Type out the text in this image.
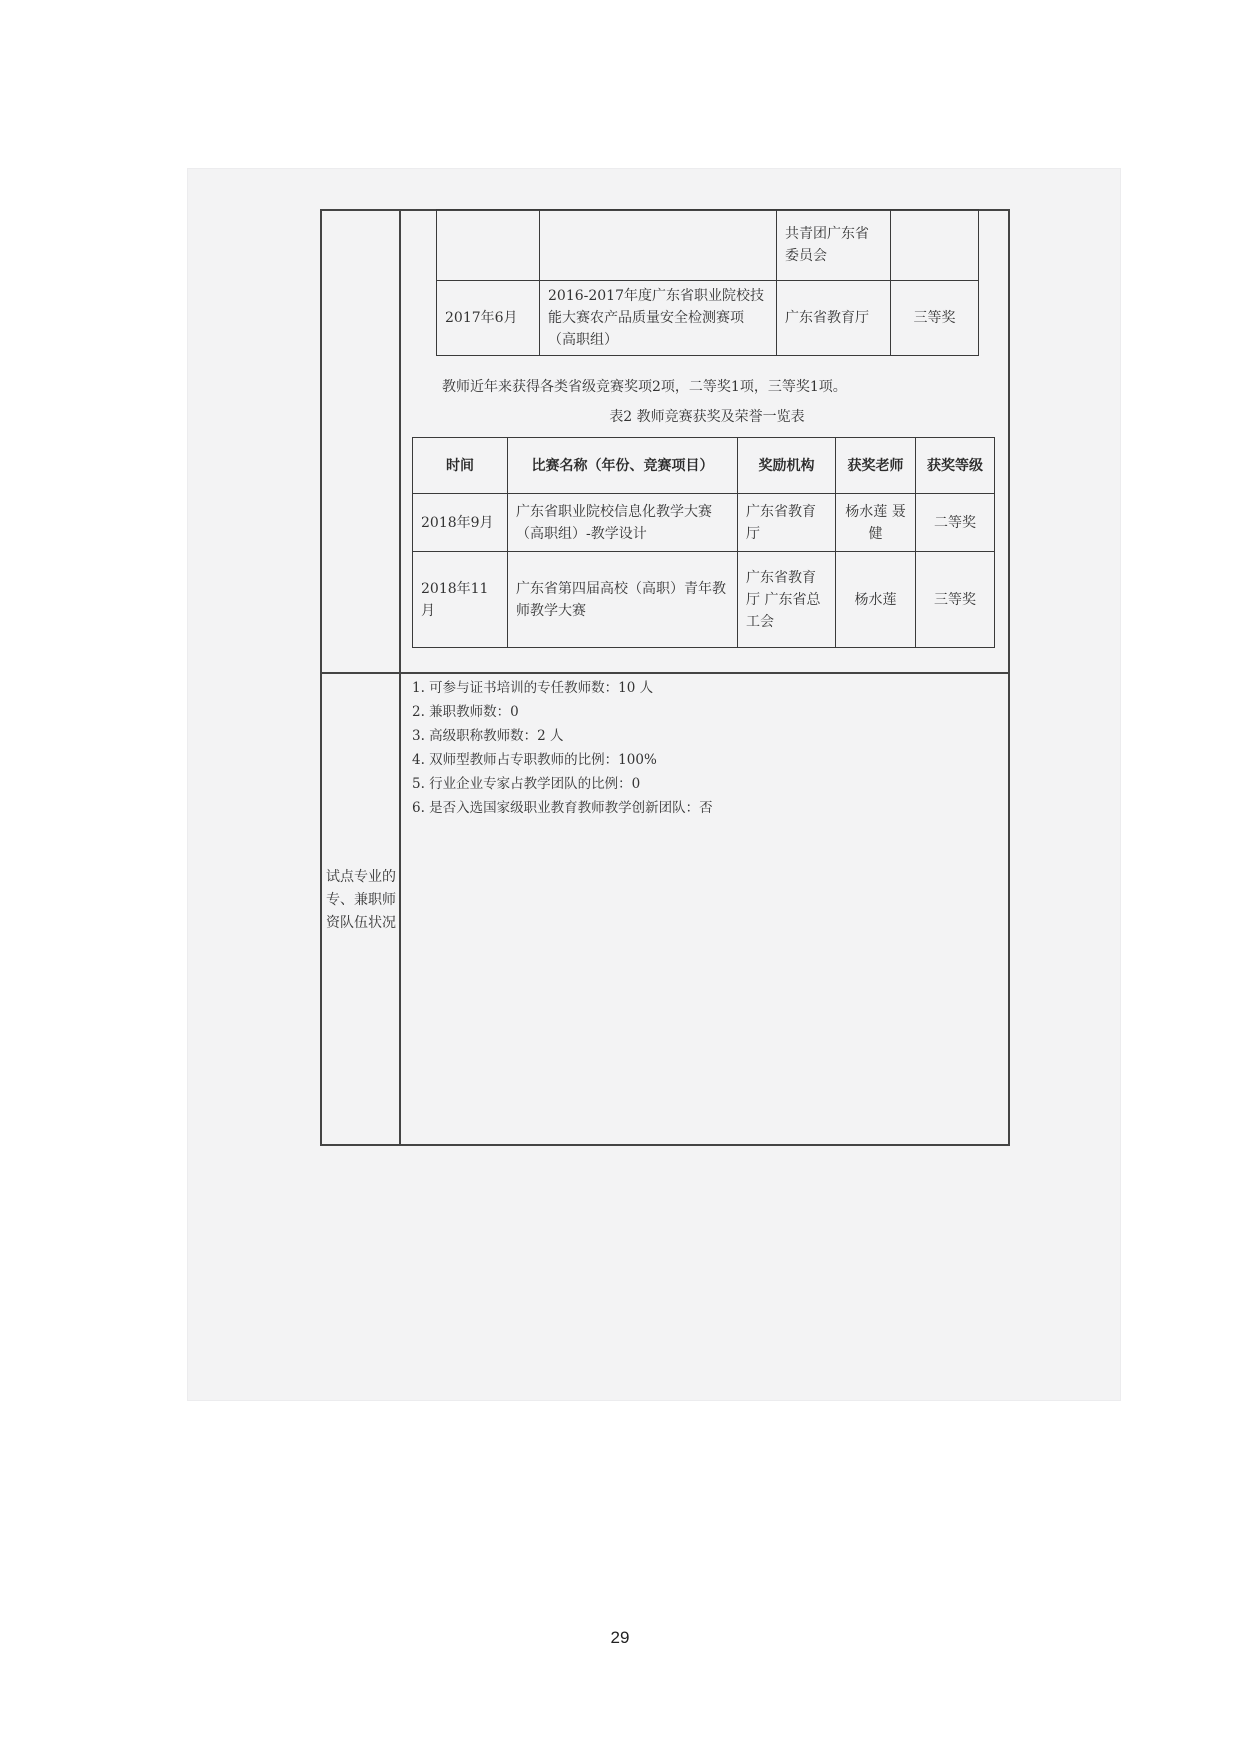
		共青团广东省委员会	
2017年6月	2016-2017年度广东省职业院校技能大赛农产品质量安全检测赛项（高职组）	广东省教育厅	三等奖
教师近年来获得各类省级竞赛奖项2项，二等奖1项，三等奖1项。
表2 教师竞赛获奖及荣誉一览表
时间	比赛名称（年份、竞赛项目）	奖励机构	获奖老师	获奖等级
2018年9月	广东省职业院校信息化教学大赛（高职组）-教学设计	广东省教育厅	杨水莲 聂健	二等奖
2018年11月	广东省第四届高校（高职）青年教师教学大赛	广东省教育厅 广东省总工会	杨水莲	三等奖
1. 可参与证书培训的专任教师数：10 人
2. 兼职教师数：0
3. 高级职称教师数：2 人
4. 双师型教师占专职教师的比例：100%
5. 行业企业专家占教学团队的比例：0
6. 是否入选国家级职业教育教师教学创新团队：否
试点专业的专、兼职师资队伍状况
29
